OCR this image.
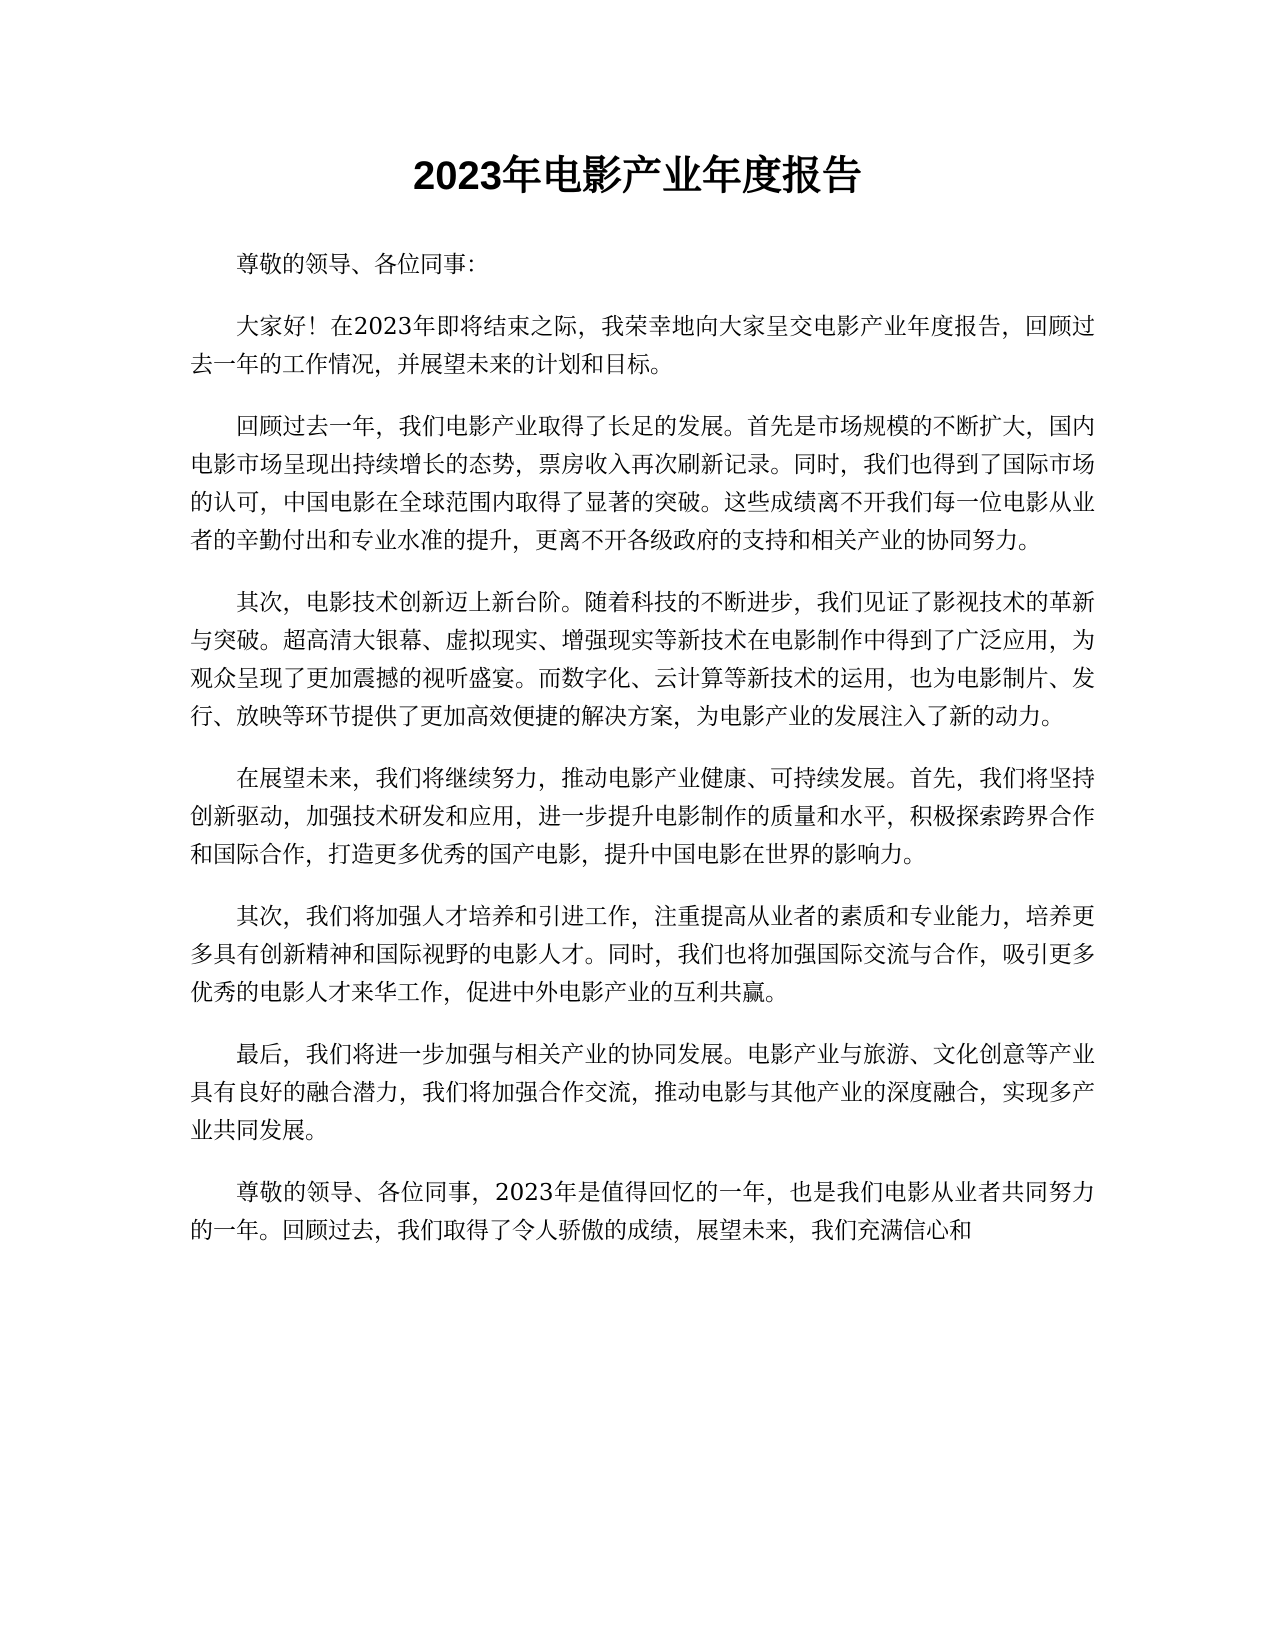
2023年电影产业年度报告

尊敬的领导、各位同事：

大家好！在2023年即将结束之际，我荣幸地向大家呈交电影产业年度报告，回顾过去一年的工作情况，并展望未来的计划和目标。

回顾过去一年，我们电影产业取得了长足的发展。首先是市场规模的不断扩大，国内电影市场呈现出持续增长的态势，票房收入再次刷新记录。同时，我们也得到了国际市场的认可，中国电影在全球范围内取得了显著的突破。这些成绩离不开我们每一位电影从业者的辛勤付出和专业水准的提升，更离不开各级政府的支持和相关产业的协同努力。

其次，电影技术创新迈上新台阶。随着科技的不断进步，我们见证了影视技术的革新与突破。超高清大银幕、虚拟现实、增强现实等新技术在电影制作中得到了广泛应用，为观众呈现了更加震撼的视听盛宴。而数字化、云计算等新技术的运用，也为电影制片、发行、放映等环节提供了更加高效便捷的解决方案，为电影产业的发展注入了新的动力。

在展望未来，我们将继续努力，推动电影产业健康、可持续发展。首先，我们将坚持创新驱动，加强技术研发和应用，进一步提升电影制作的质量和水平，积极探索跨界合作和国际合作，打造更多优秀的国产电影，提升中国电影在世界的影响力。

其次，我们将加强人才培养和引进工作，注重提高从业者的素质和专业能力，培养更多具有创新精神和国际视野的电影人才。同时，我们也将加强国际交流与合作，吸引更多优秀的电影人才来华工作，促进中外电影产业的互利共赢。

最后，我们将进一步加强与相关产业的协同发展。电影产业与旅游、文化创意等产业具有良好的融合潜力，我们将加强合作交流，推动电影与其他产业的深度融合，实现多产业共同发展。

尊敬的领导、各位同事，2023年是值得回忆的一年，也是我们电影从业者共同努力的一年。回顾过去，我们取得了令人骄傲的成绩，展望未来，我们充满信心和
